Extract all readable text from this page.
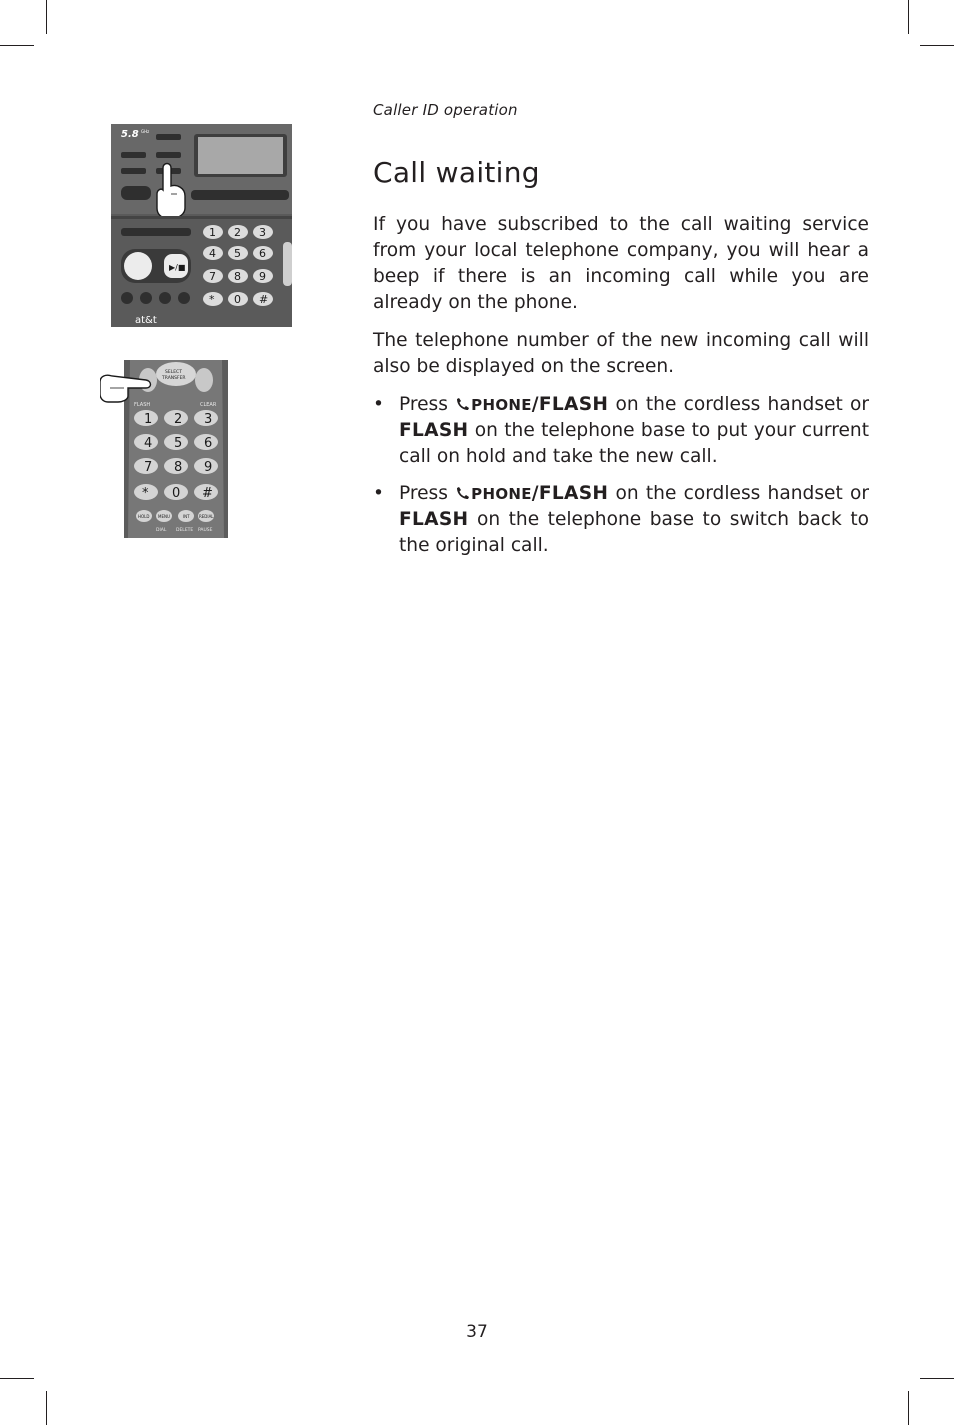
Caller ID operation
Call waiting

If you have subscribed to the call waiting service from your local telephone company, you will hear a beep if there is an incoming call while you are already on the phone.

The telephone number of the new incoming call will also be displayed on the screen.

• Press PHONE/FLASH on the cordless handset or FLASH on the telephone base to put your current call on hold and take the new call.
• Press PHONE/FLASH on the cordless handset or FLASH on the telephone base to switch back to the original call.
5.8 GHz
▶/■
1 2 3
4 5 6
7 8 9
* 0 #
at&t
SELECT
TRANSFER
FLASH	CLEAR
1 2 3
4 5 6
7 8 9
* 0 #
HOLD MENU	INT REDIAL
DIAL DELETE PAUSE
37
